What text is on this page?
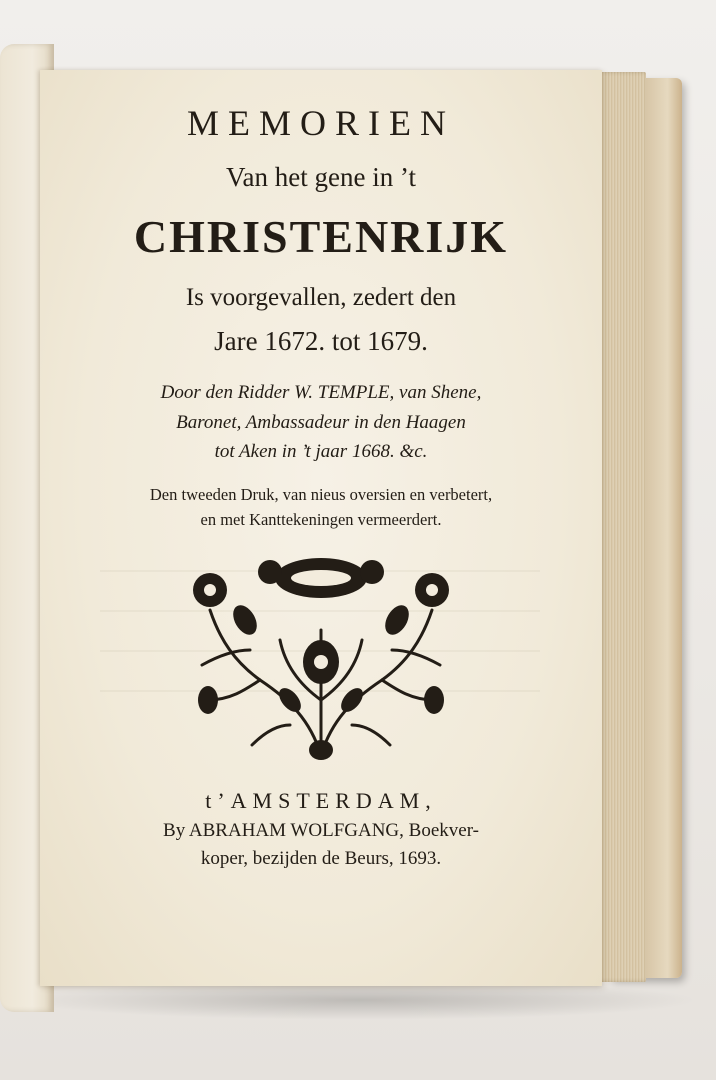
MEMORIEN
Van het gene in ’t
CHRISTENRIJK
Is voorgevallen, zedert den
Jare 1672. tot 1679.
Door den Ridder W. TEMPLE, van Shene,
Baronet, Ambassadeur in den Haagen
tot Aken in ’t jaar 1668. &c.
Den tweeden Druk, van nieus oversien en verbetert,
en met Kanttekeningen vermeerdert.
t’AMSTERDAM,
By ABRAHAM WOLFGANG, Boekver-
koper, bezijden de Beurs, 1693.
